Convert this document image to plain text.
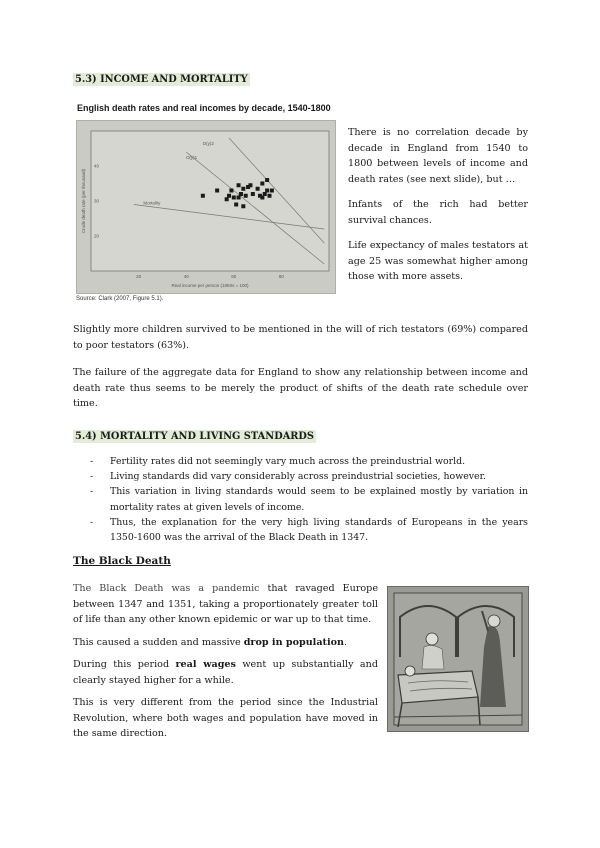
5.3) INCOME AND MORTALITY
English death rates and real incomes by decade, 1540-1800
D(y)2
D(y)1
Mortality
20	40	60	80
20
30
40
Crude death rate (per thousand)
Real income per person (1860s = 100)
Source: Clark (2007, Figure 5.1).

There is no correlation decade by decade in England from 1540 to 1800 between levels of income and death rates (see next slide), but …

Infants of the rich had better survival chances.

Life expectancy of males testators at age 25 was somewhat higher among those with more assets.

Slightly more children survived to be mentioned in the will of rich testators (69%) compared to poor testators (63%).

The failure of the aggregate data for England to show any relationship between income and death rate thus seems to be merely the product of shifts of the death rate schedule over time.

5.4) MORTALITY AND LIVING STANDARDS
- Fertility rates did not seemingly vary much across the preindustrial world.
- Living standards did vary considerably across preindustrial societies, however.
- This variation in living standards would seem to be explained mostly by variation in mortality rates at given levels of income.
- Thus, the explanation for the very high living standards of Europeans in the years 1350-1600 was the arrival of the Black Death in 1347.
The Black Death

The Black Death was a pandemic that ravaged Europe between 1347 and 1351, taking a proportionately greater toll of life than any other known epidemic or war up to that time.

This caused a sudden and massive drop in population.

During this period real wages went up substantially and clearly stayed higher for a while.

This is very different from the period since the Industrial Revolution, where both wages and population have moved in the same direction.
